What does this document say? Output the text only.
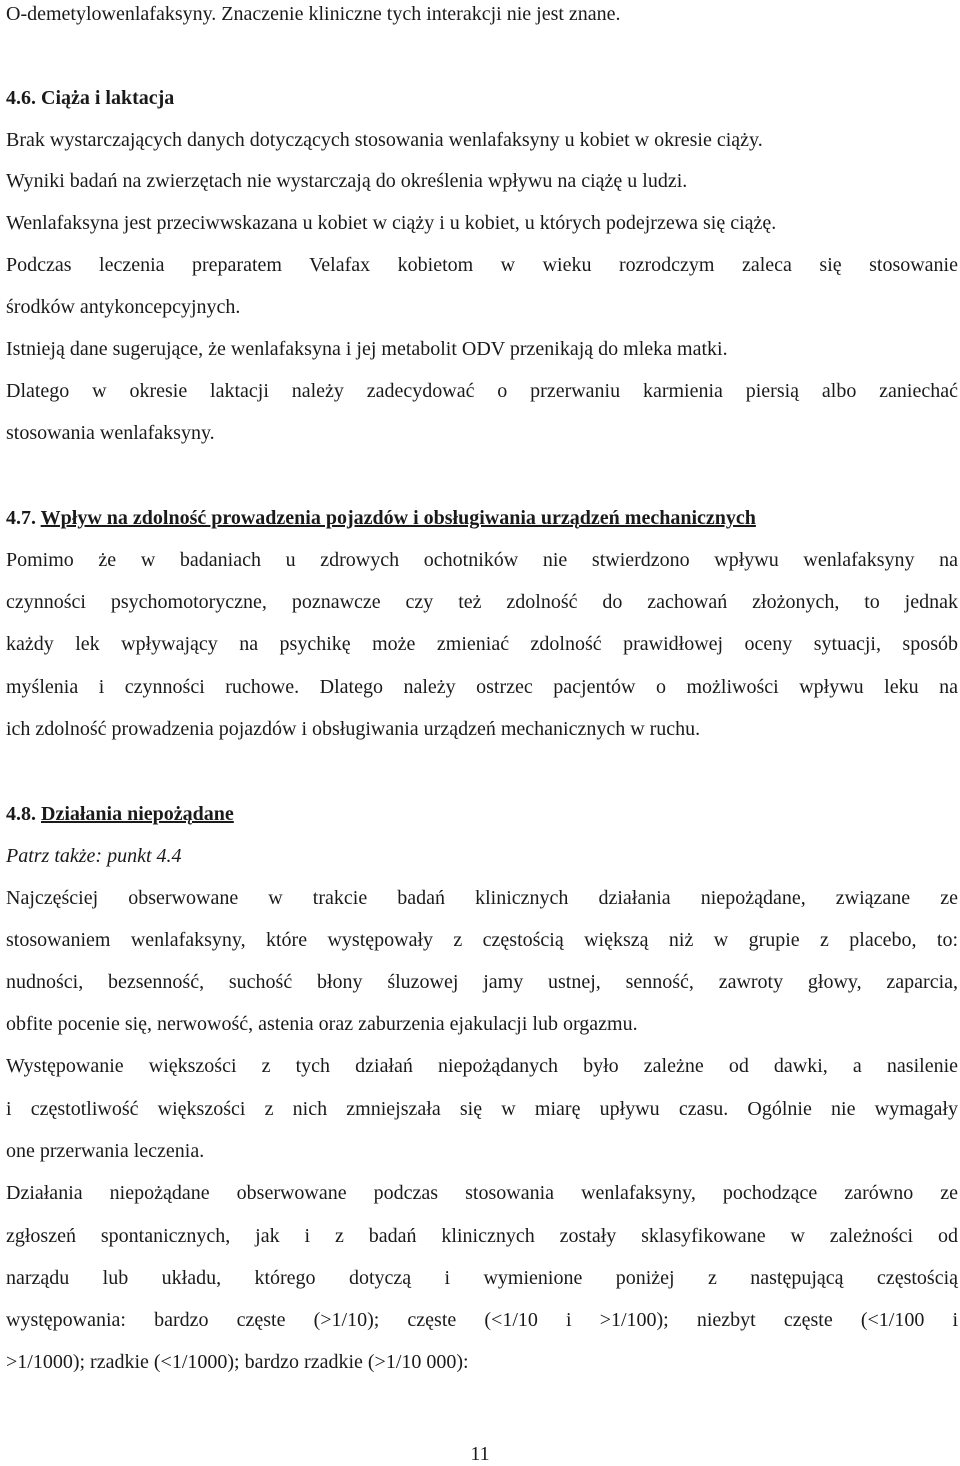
O-demetylowenlafaksyny. Znaczenie kliniczne tych interakcji nie jest znane.
4.6. Ciąża i laktacja
Brak wystarczających danych dotyczących stosowania wenlafaksyny u kobiet w okresie ciąży.
Wyniki badań na zwierzętach nie wystarczają do określenia wpływu na ciążę u ludzi.
Wenlafaksyna jest przeciwwskazana u kobiet w ciąży i u kobiet, u których podejrzewa się ciążę.
Podczas leczenia preparatem Velafax kobietom w wieku rozrodczym zaleca się stosowanie
środków antykoncepcyjnych.
Istnieją dane sugerujące, że wenlafaksyna i jej metabolit ODV przenikają do mleka matki.
Dlatego w okresie laktacji należy zadecydować o przerwaniu karmienia piersią albo zaniechać
stosowania wenlafaksyny.
4.7. Wpływ na zdolność prowadzenia pojazdów i obsługiwania urządzeń mechanicznych
Pomimo że w badaniach u zdrowych ochotników nie stwierdzono wpływu wenlafaksyny na
czynności psychomotoryczne, poznawcze czy też zdolność do zachowań złożonych, to jednak
każdy lek wpływający na psychikę może zmieniać zdolność prawidłowej oceny sytuacji, sposób
myślenia i czynności ruchowe. Dlatego należy ostrzec pacjentów o możliwości wpływu leku na
ich zdolność prowadzenia pojazdów i obsługiwania urządzeń mechanicznych w ruchu.
4.8. Działania niepożądane
Patrz także: punkt 4.4
Najczęściej obserwowane w trakcie badań klinicznych działania niepożądane, związane ze
stosowaniem wenlafaksyny, które występowały z częstością większą niż w grupie z placebo, to:
nudności, bezsenność, suchość błony śluzowej jamy ustnej, senność, zawroty głowy, zaparcia,
obfite pocenie się, nerwowość, astenia oraz zaburzenia ejakulacji lub orgazmu.
Występowanie większości z tych działań niepożądanych było zależne od dawki, a nasilenie
i częstotliwość większości z nich zmniejszała się w miarę upływu czasu. Ogólnie nie wymagały
one przerwania leczenia.
Działania niepożądane obserwowane podczas stosowania wenlafaksyny, pochodzące zarówno ze
zgłoszeń spontanicznych, jak i z badań klinicznych zostały sklasyfikowane w zależności od
narządu lub układu, którego dotyczą i wymienione poniżej z następującą częstością
występowania: bardzo częste (>1/10); częste (<1/10 i >1/100); niezbyt częste (<1/100 i
>1/1000); rzadkie (<1/1000); bardzo rzadkie (>1/10 000):
11
